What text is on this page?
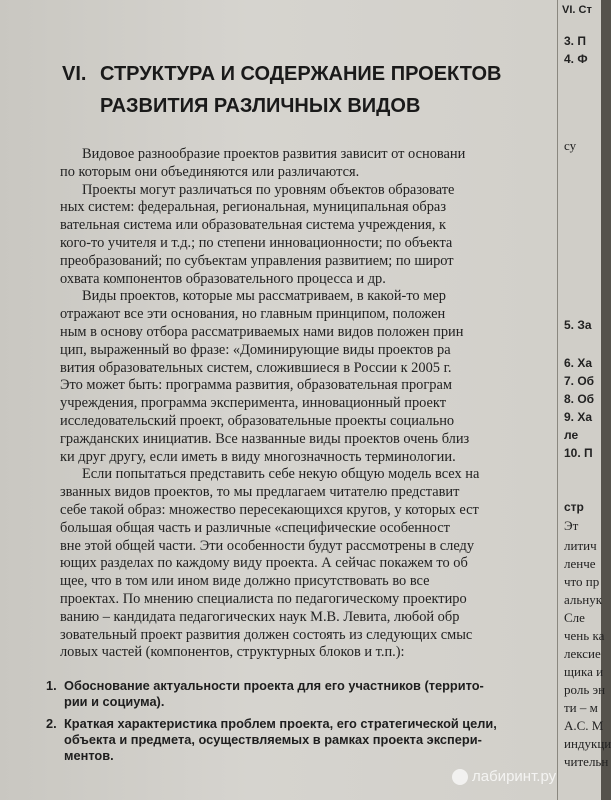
VI. СТРУКТУРА И СОДЕРЖАНИЕ ПРОЕКТОВ
РАЗВИТИЯ РАЗЛИЧНЫХ ВИДОВ
Видовое разнообразие проектов развития зависит от основани
по которым они объединяются или различаются.
Проекты могут различаться по уровням объектов образовате
ных систем: федеральная, региональная, муниципальная образ
вательная система или образовательная система учреждения, к
кого-то учителя и т.д.; по степени инновационности; по объекта
преобразований; по субъектам управления развитием; по широт
охвата компонентов образовательного процесса и др.
Виды проектов, которые мы рассматриваем, в какой-то мер
отражают все эти основания, но главным принципом, положен
ным в основу отбора рассматриваемых нами видов положен прин
цип, выраженный во фразе: «Доминирующие виды проектов ра
вития образовательных систем, сложившиеся в России к 2005 г.
Это может быть: программа развития, образовательная програм
учреждения, программа эксперимента, инновационный проект
исследовательский проект, образовательные проекты социально
гражданских инициатив. Все названные виды проектов очень близ
ки друг другу, если иметь в виду многозначность терминологии.
Если попытаться представить себе некую общую модель всех на
званных видов проектов, то мы предлагаем читателю представит
себе такой образ: множество пересекающихся кругов, у которых ест
большая общая часть и различные «специфические особенност
вне этой общей части. Эти особенности будут рассмотрены в следу
ющих разделах по каждому виду проекта. А сейчас покажем то об
щее, что в том или ином виде должно присутствовать во все
проектах. По мнению специалиста по педагогическому проектиро
ванию – кандидата педагогических наук М.В. Левита, любой обр
зовательный проект развития должен состоять из следующих смыс
ловых частей (компонентов, структурных блоков и т.п.):
1. Обоснование актуальности проекта для его участников (террито-
рии и социума).
2. Краткая характеристика проблем проекта, его стратегической цели,
объекта и предмета, осуществляемых в рамках проекта экспери-
ментов.
лабиринт.ру
VI. Ст
3. П
4. Ф
су
5. За
6. Ха
7. Об
8. Об
9. Ха
ле
10. П
стр
Эт
литич
ленче
что пр
альнук
Сле
чень ка
лексие
щика и
роль эн
ти – м
А.С. М
индукци
чительн
